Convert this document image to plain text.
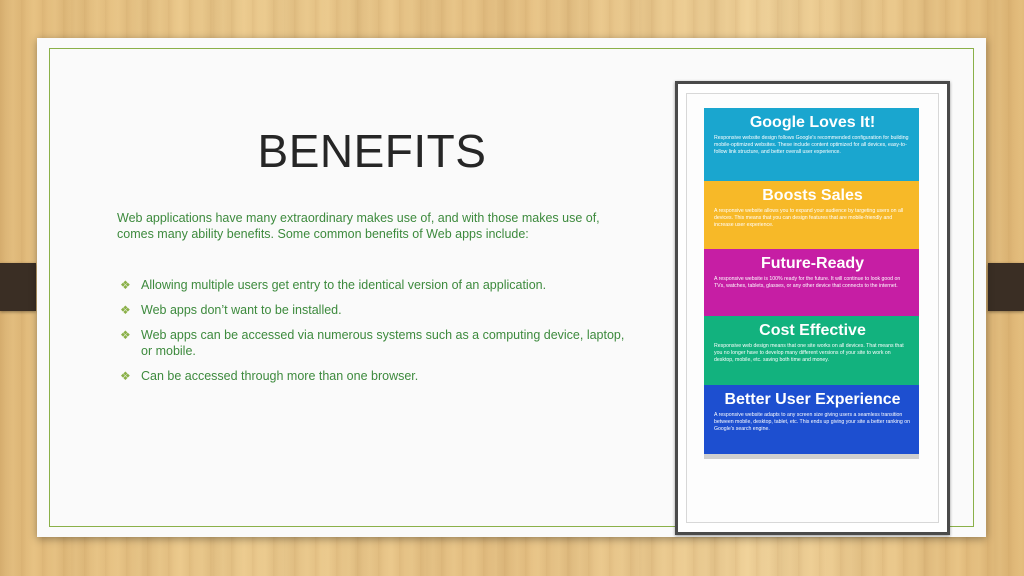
BENEFITS

Web applications have many extraordinary makes use of, and with those makes use of, comes many ability benefits. Some common benefits of Web apps include:

❖ Allowing multiple users get entry to the identical version of an application.
❖ Web apps don’t want to be installed.
❖ Web apps can be accessed via numerous systems such as a computing device, laptop, or mobile.
❖ Can be accessed through more than one browser.
Google Loves It!
Responsive website design follows Google's recommended configuration for building mobile-optimized websites. These include content optimized for all devices, easy-to-follow link structure, and better overall user experience.
Boosts Sales
A responsive website allows you to expand your audience by targeting users on all devices. This means that you can design features that are mobile-friendly and increase user experience.
Future-Ready
A responsive website is 100% ready for the future. It will continue to look good on TVs, watches, tablets, glasses, or any other device that connects to the internet.
Cost Effective
Responsive web design means that one site works on all devices. That means that you no longer have to develop many different versions of your site to work on desktop, mobile, etc. saving both time and money.
Better User Experience
A responsive website adapts to any screen size giving users a seamless transition between mobile, desktop, tablet, etc. This ends up giving your site a better ranking on Google's search engine.
